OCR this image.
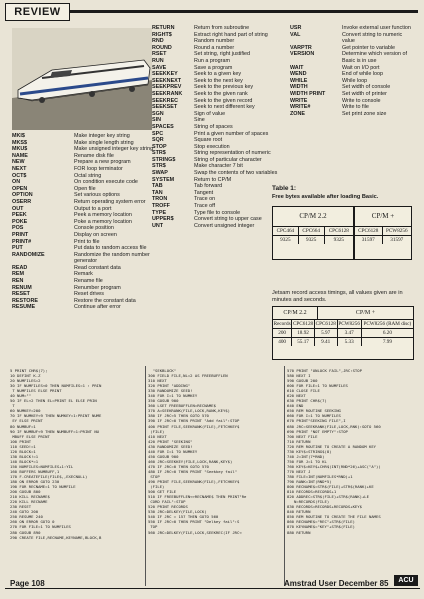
REVIEW
MKI$	Make integer key string
MKS$	Make single length string
MKU$	Make unsigned integer key string
NAME	Rename disk file
NEW	Prepare a new program
NEXT	FOR loop terminator
OCT$	Octal string
ON	On condition execute code
OPEN	Open file
OPTION	Set various options
OSERR	Return operating system error
OUT	Output to a port
PEEK	Peek a memory location
POKE	Poke a memory location
POS	Console position
PRINT	Display on screen
PRINT#	Print to file
PUT	Put data to random access file
RANDOMIZE	Randomize the random number generator
READ	Read constant data
REM	Remark
REN	Rename file
RENUM	Renumber program
RESET	Reset drives
RESTORE	Restore the constant data
RESUME	Continue after error
RETURN	Return from subroutine
RIGHT$	Extract right hand part of string
RND	Random number
ROUND	Round a number
RSET	Set string, right justified
RUN	Run a program
SAVE	Save a program
SEEKKEY	Seek to a given key
SEEKNEXT	Seek to the next key
SEEKPREV	Seek to the previous key
SEEKRANK	Seek to the given rank
SEEKREC	Seek to the given record
SEEKSET	Seek to next different key
SGN	Sign of value
SIN	Sine
SPACES	String of spaces
SPC	Print a given number of spaces
SQR	Square root
STOP	Stop execution
STR$	String representation of numeric
STRING$	String of particular character
STR$	Make character 7 bit
SWAP	Swap the contents of two variables
SYSTEM	Return to CP/M
TAB	Tab forward
TAN	Tangent
TRON	Trace on
TROFF	Trace off
TYPE	Type file to console
UPPER$	Convert string to upper case
UNT	Convert unsigned integer
USR	Invoke external user function
VAL	Convert string to numeric value
VARPTR	Get pointer to variable
VERSION	Determine which version of Basic is in use
WAIT	Wait on I/O port
WEND	End of while loop
WHILE	While loop
WIDTH	Set width of console
WIDTH PRINT	Set width of printer
WRITE	Write to console
WRITE#	Write to file
ZONE	Set print zone size
Table 1:
Free bytes available after loading Basic.
CP/M 2.2
CPC464	CPC664	CPC6128
9325	9325	9325
CP/M +
CPC6128	PCW8256
31597	31597
Jetsam record access timings, all values given are in minutes and seconds.
CP/M 2.2	CP/M +
Records	CPC6128	CPC6128	PCW8256	PCW8256 (RAM disc)
200	18.92	5.97	3.47	6.20
400	55.17	9.41	5.33	7.99
5 PRINT CHR$(7);
10 DEFINT K-Z
20 NUMFILES=2
30 IF NUMFILES<0 THEN NUMFILES=1 : PRIN
T NUMFILES ELSE PRINT
40 NUM=""
50 IF EL<2 THEN EL=PRINT EL ELSE PRIN
T
60 NUMKEY=200
70 IF NUMKEY<9 THEN NUMKEY=1:PRINT NUME
EY ELSE PRINT
80 NUMBUF=1
90 IF NUMBUF<9 THEN NUMBUFF=1:PRINT NU
MBUFF ELSE PRINT
100 PRINT
110 SEED!=1
120 BLOCK=1
130 BLOCK!=1
140 BLOCK*=1
150 NUMFILES=NUMFILES+1:YIL
160 BUFFERS NUMBUFF,1
170 F.CREATEFILE(FILE$,,EXECNULL)
180 ON ERROR GOTO 230
190 FOR RECNAME=1 TO NUMFILE
200 GOSUB 800
210 KILL RECNAME$
220 KILL RECNAME
230 RESET
240 GOTO 200
250 RESUME 240
260 ON ERROR GOTO 0
270 FOR FILE=1 TO NUMFILES
280 GOSUB 890
290 CREATE FILE,RECNAME,KEYNAME,BLOCK,B
"SEKBLOCK"
300 FIELD FILE,NL=2 AS FREEBUFFLEN
310 NEXT
320 PRINT "ADDING"
330 RANDOMIZE SEED!
340 FOR I=1 TO NUMKEY
350 GOSUB 900
360 LSET FREEBUFFLEN=RECNAME$
370 A=SEEKRANK(FILE,LOCK,RANK,KEY$)
380 IF JRC<5 THEN GOTO 570
390 IF JRC<0 THEN PRINT "Add fail":STOP
400 PRINT FILE,SEEKRANK(FILE),FETCHKEY$
(FILE)
410 NEXT
420 PRINT "SEEKING"
430 RANDOMIZE SEED!
440 FOR I=1 TO NUMKEY
450 GOSUB 900
460 JRC=SEEKKEY(FILE,LOCK,RANK,KEY$)
470 IF JRC=0 THEN GOTO 570
480 IF JRC<0 THEN PRINT "Seekkey fail"
STOP
490 PRINT FILE,SEEKRANK(FILE),FETCHKEY$
(FILE)
500 GET FILE
510 IF FREEBUFFLEN<>RECNAME$ THEN PRINT"Re
CORD FAIL":STOP
520 PRINT RECORDS
530 JRC=DELKEY(FILE,LOCK)
540 IF JRC = 157 THEN GOTO 560
550 IF JRC<0 THEN PRINT "Delkey fail":S
TOP
560 JRC=DELKEY(FILE,LOCK,SEEKREC(IF JRC<
570 PRINT "UNLOCK FAIL",JRC:STOP
580 NEXT I
590 GOSUB 200
600 FOR FILE=1 TO NUMFILES
610 CLOSE FILE
620 NEXT
630 PRINT CHR$(7)
640 END
650 REM ROUTINE SEEKING
660 FOR I=1 TO NUMFILES
670 PRINT"SEEKING FILE",I
680 JRC=SEEKRANK(FILE,LOCK,RNK):GOTO 560
690 PRINT "NOT EMPTY":STOP
700 NEXT FILE
710 RETURN
720 REM ROUTINE TO CREATE A RANDOM KEY
730 KEY$=STRING$(8)
740 J=INT(7*RND)
750 FOR J=1 TO KL
760 KEY$=KEY$+CHR$(INT(RND*26)+ASC("A"))
770 NEXT J
780 FILE=INT(NUMFILES*RND)+1
790 RANK=INT(RND*5)
800 RECNAME$=STR$(FILE)+STR$(RANK)+KE
810 RECORDS=RECORDS+1
820 ADDREC=STR$(FILE)+STR$(RANK)+LE
N=RECORDS(FILE)
830 RECORDS=RECORDS+RECORDS+KEY$
840 RETURN
850 REM ROUTINE TO CREATE THE FILE NAMES
860 RECNAME$="REC"+STR$(FILE)
870 KEYNAME$="KEY"+STR$(FILE)
880 RETURN
ACU
Page 108	Amstrad User December 85
